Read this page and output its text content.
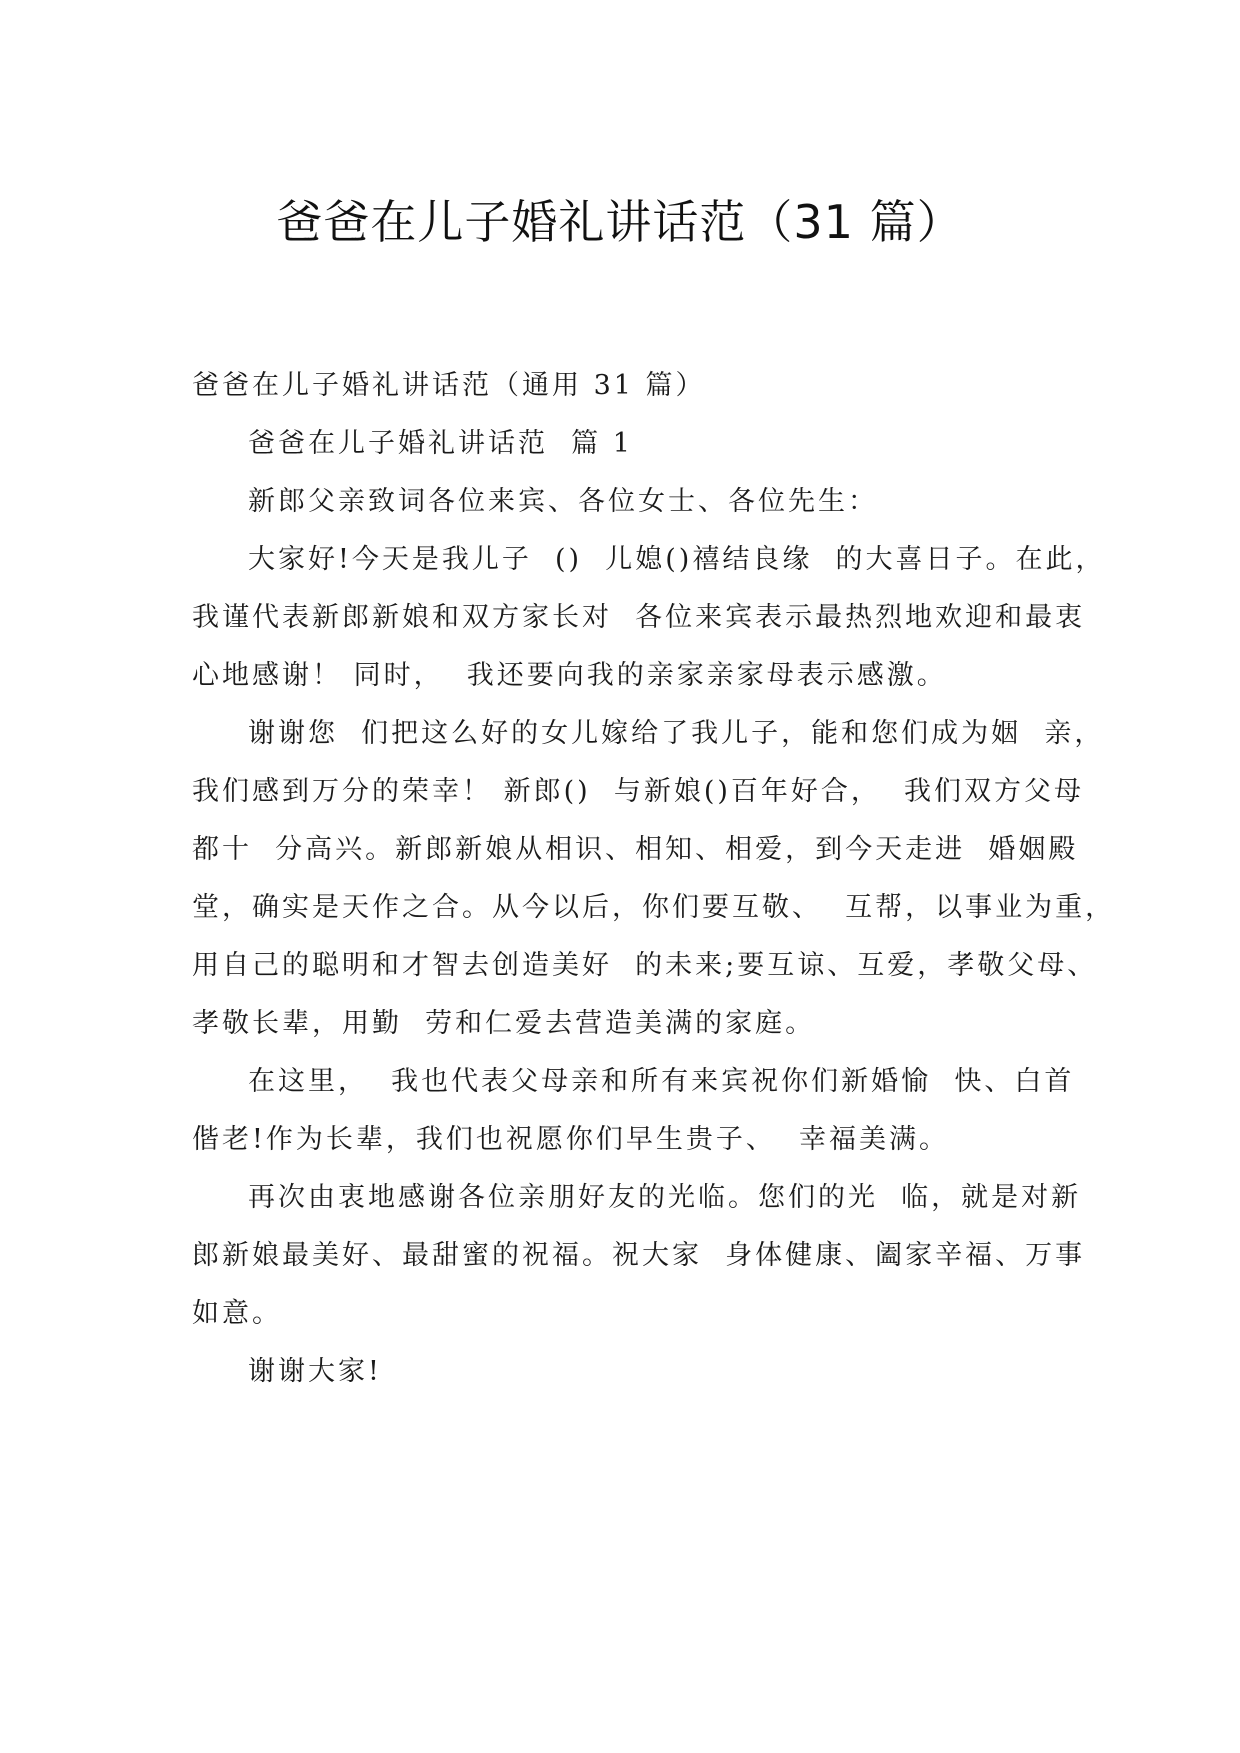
爸爸在儿子婚礼讲话范（31 篇）

爸爸在儿子婚礼讲话范（通用 31 篇）

爸爸在儿子婚礼讲话范  篇 1

新郎父亲致词各位来宾、各位女士、各位先生：

大家好!今天是我儿子  ()  儿媳()禧结良缘  的大喜日子。在此，

我谨代表新郎新娘和双方家长对  各位来宾表示最热烈地欢迎和最衷

心地感谢！ 同时，  我还要向我的亲家亲家母表示感激。

谢谢您  们把这么好的女儿嫁给了我儿子，能和您们成为姻  亲，

我们感到万分的荣幸！ 新郎()  与新娘()百年好合，  我们双方父母

都十  分高兴。新郎新娘从相识、相知、相爱，到今天走进  婚姻殿

堂，确实是天作之合。从今以后，你们要互敬、  互帮，以事业为重，

用自己的聪明和才智去创造美好  的未来;要互谅、互爱，孝敬父母、

孝敬长辈，用勤  劳和仁爱去营造美满的家庭。

在这里，  我也代表父母亲和所有来宾祝你们新婚愉  快、白首

偕老!作为长辈，我们也祝愿你们早生贵子、  幸福美满。

再次由衷地感谢各位亲朋好友的光临。您们的光  临，就是对新

郎新娘最美好、最甜蜜的祝福。祝大家  身体健康、阖家辛福、万事

如意。

谢谢大家!
